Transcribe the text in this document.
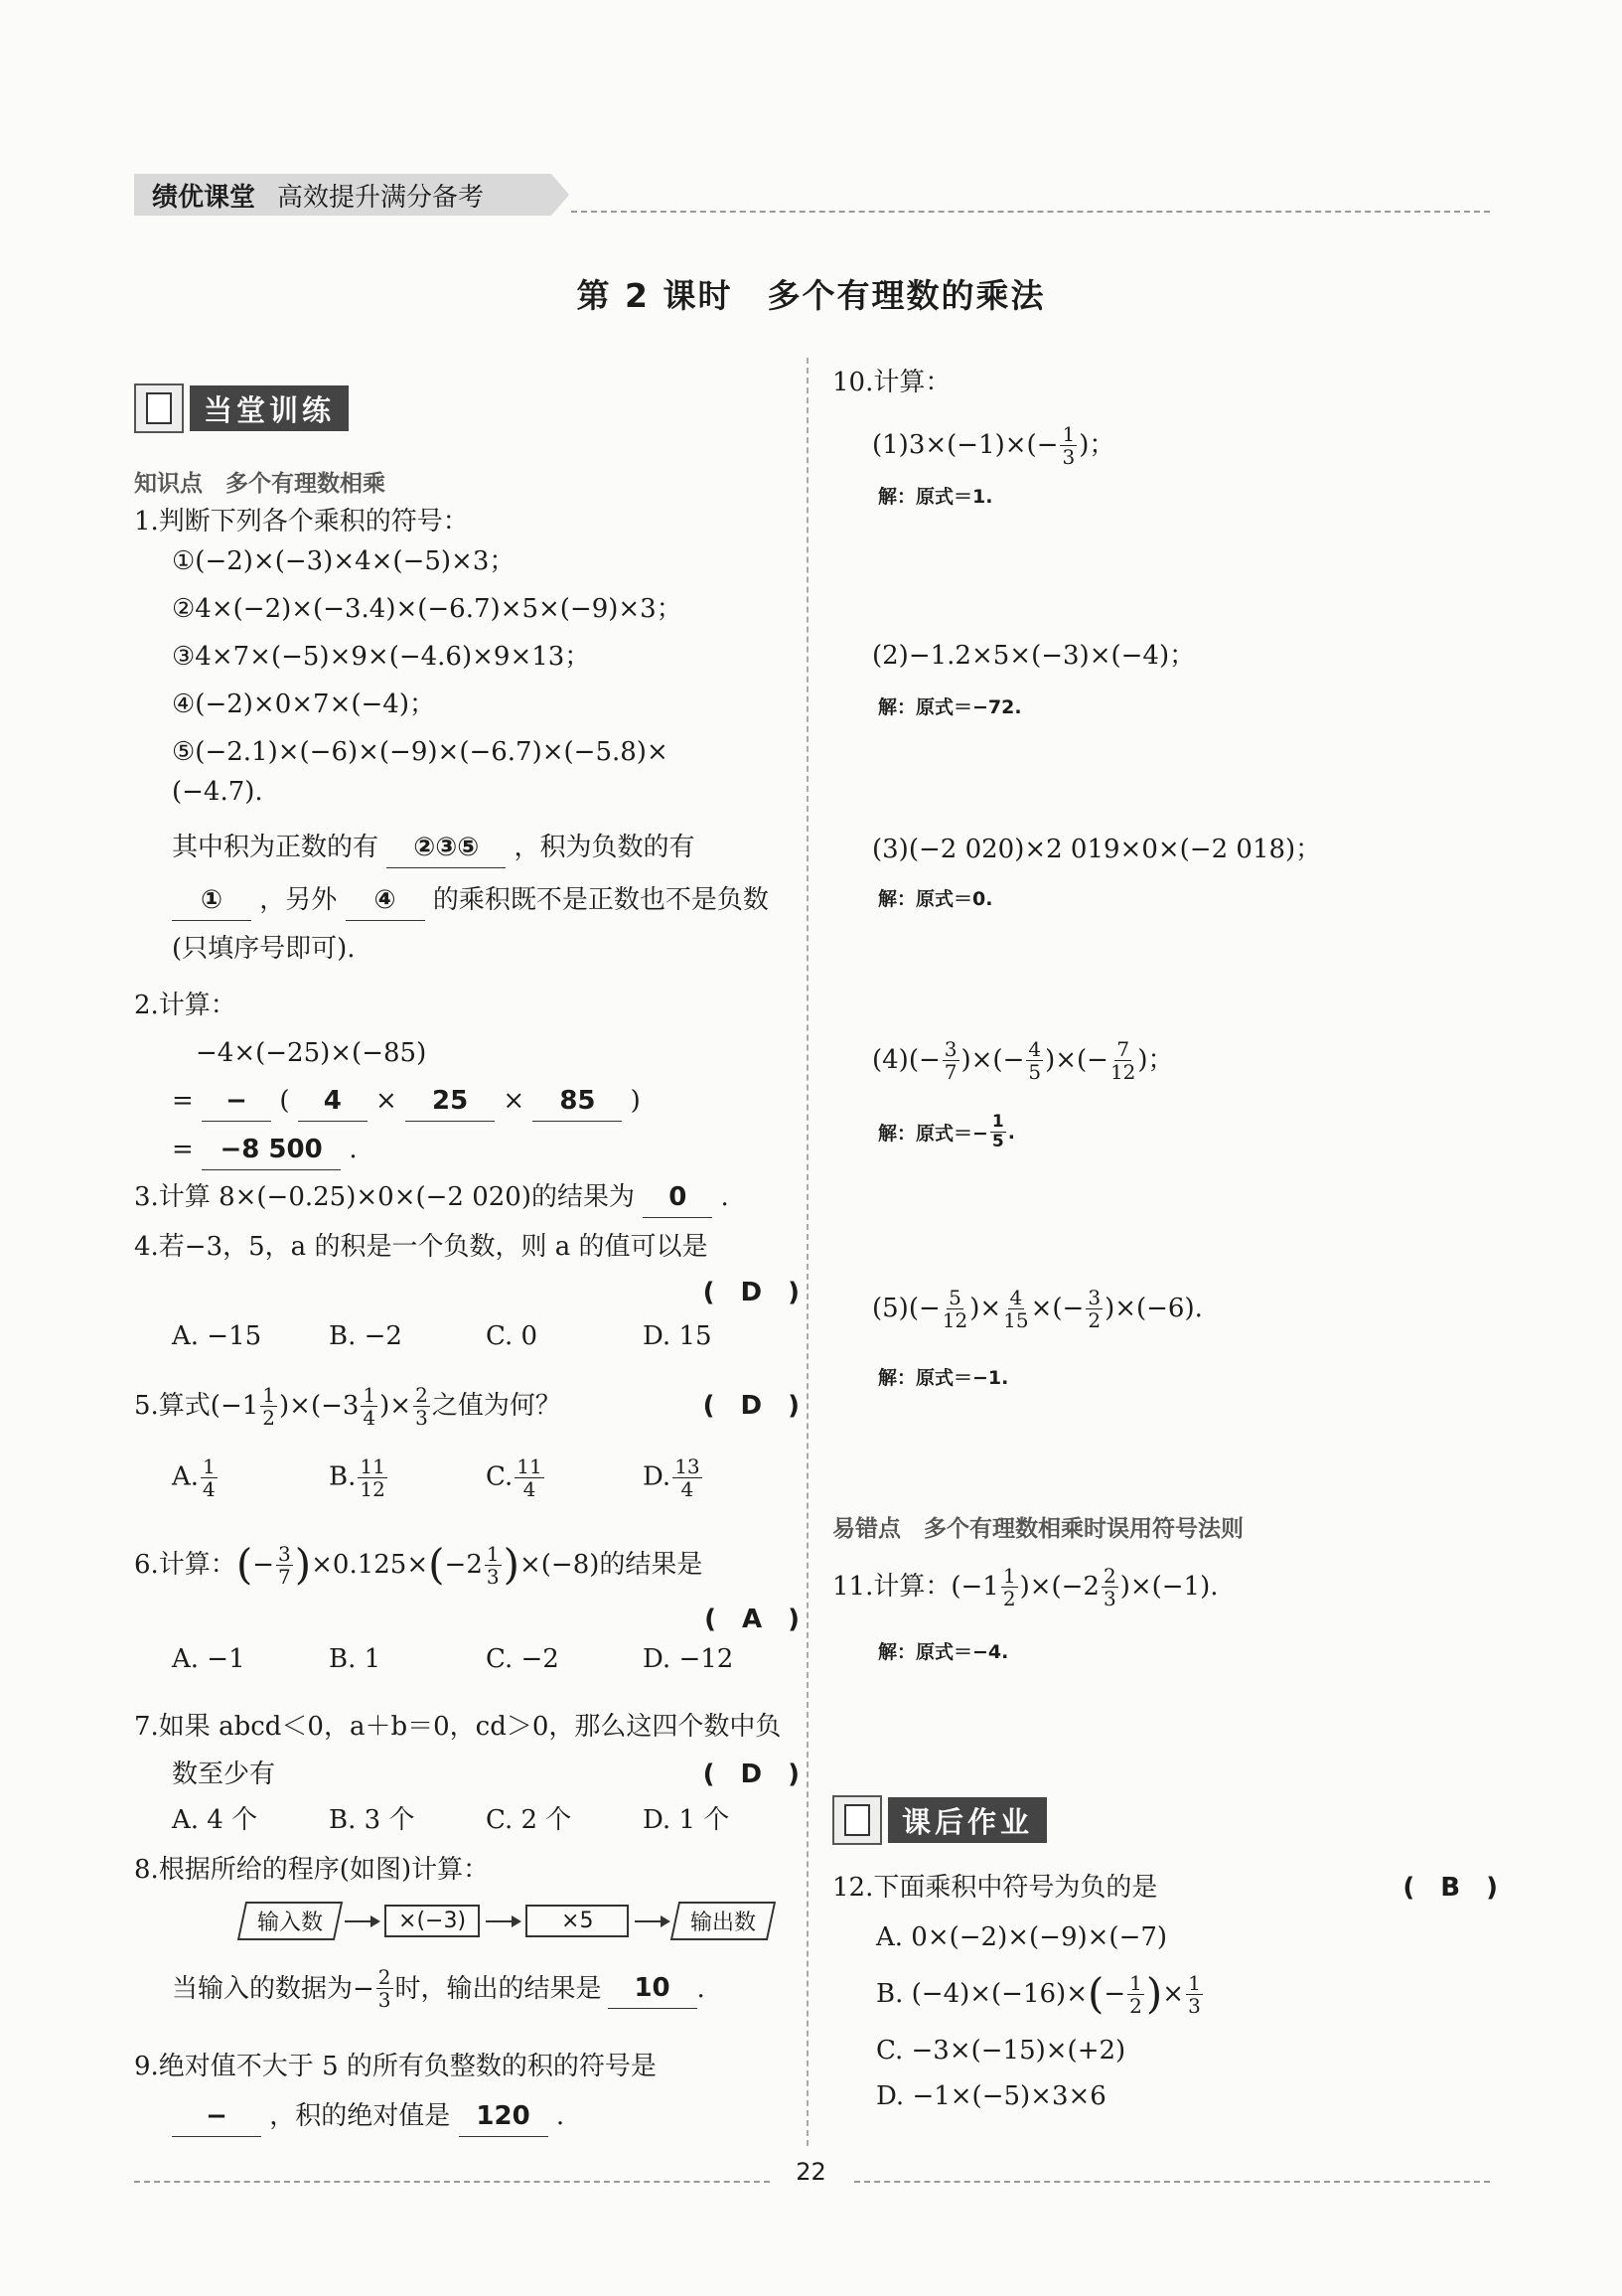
绩优课堂 高效提升满分备考
第 2 课时　多个有理数的乘法
当堂训练
知识点　多个有理数相乘
1.判断下列各个乘积的符号：
①(−2)×(−3)×4×(−5)×3；
②4×(−2)×(−3.4)×(−6.7)×5×(−9)×3；
③4×7×(−5)×9×(−4.6)×9×13；
④(−2)×0×7×(−4)；
⑤(−2.1)×(−6)×(−9)×(−6.7)×(−5.8)×
(−4.7).
其中积为正数的有 ②③⑤ ，积为负数的有
① ，另外 ④ 的乘积既不是正数也不是负数
(只填序号即可).
2.计算：
−4×(−25)×(−85)
= − ( 4 × 25 × 85 )
= −8 500 .
3.计算 8×(−0.25)×0×(−2 020)的结果为 0 .
4.若−3，5，a 的积是一个负数，则 a 的值可以是
(　D　)
A. −15	B. −2	C. 0	D. 15
5.算式$(-1 \frac{1}{2} )\times(-3 \frac{1}{4}$ )× $\frac{2}{3}$ 之值为何？	(　D　)
A. $\frac{1}{4}$	B. $\frac{11}{12}$	C. $\frac{11}{4}$	D. $\frac{13}{4}$
6.计算： ( − $\frac{3}{7}$ ) ×0.125× ( $-2 \frac{1}{3}$ ) ×(−8)的结果是
(　A　)
A. −1	B. 1	C. −2	D. −12
7.如果 abcd＜0，a＋b＝0，cd＞0，那么这四个数中负
数至少有	(　D　)
A. 4 个	B. 3 个	C. 2 个	D. 1 个
8.根据所给的程序(如图)计算：
输入数	×(−3)	×5	输出数
当输入的数据为− $\frac{2}{3}$ 时，输出的结果是	10	.
9.绝对值不大于 5 的所有负整数的积的符号是
− ，积的绝对值是 120 .
10.计算：
$(1)3\times(-1)\times(- \frac{1}{3}$ )；
解：原式＝1.
(2)−1.2×5×(−3)×(−4)；
解：原式＝−72.
(3)(−2 020)×2 019×0×(−2 018)；
解：原式＝0.
$(4)(- \frac{3}{7}$ )×(− $\frac{4}{5}$ )×(− $\frac{7}{12}$ )；
解：原式＝− $\frac{1}{5}$ .
$(5)(- \frac{5}{12}$ )× $\frac{4}{15}$ ×(− $\frac{3}{2} )\times(-6)$.
解：原式＝−1.
易错点　多个有理数相乘时误用符号法则
11.计算：$(-1 \frac{1}{2} )\times(-2 \frac{2}{3} )\times(-1)$.
解：原式＝−4.
课后作业
12.下面乘积中符号为负的是	(　B　)
A. 0×(−2)×(−9)×(−7)
B. (−4)×(−16)× ( − $\frac{1}{2}$ ) × $\frac{1}{3}$
C. −3×(−15)×(+2)
D. −1×(−5)×3×6
22
